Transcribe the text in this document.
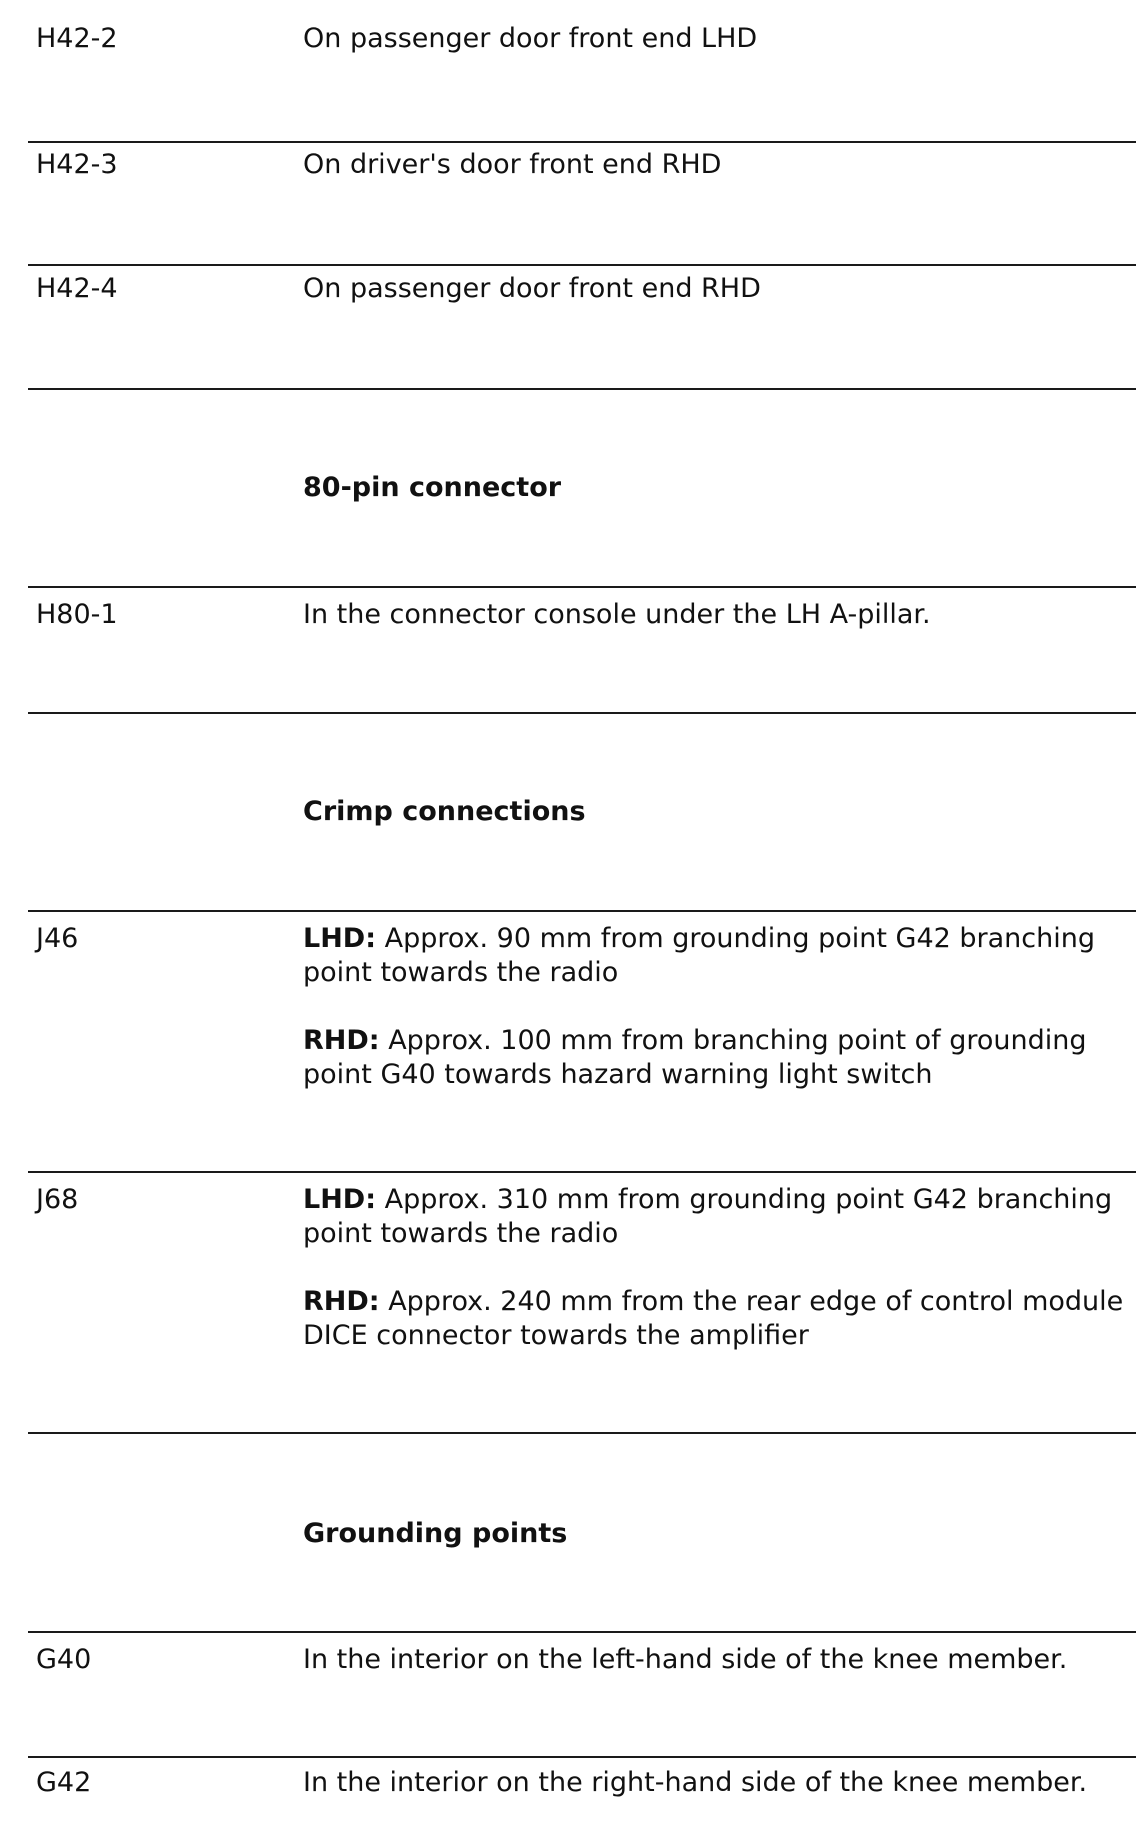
H42-2	On passenger door front end LHD
H42-3	On driver's door front end RHD
H42-4	On passenger door front end RHD
80-pin connector
H80-1	In the connector console under the LH A-pillar.
Crimp connections
J46	LHD: Approx. 90 mm from grounding point G42 branching point towards the radio

RHD: Approx. 100 mm from branching point of grounding point G40 towards hazard warning light switch

J68	LHD: Approx. 310 mm from grounding point G42 branching point towards the radio

RHD: Approx. 240 mm from the rear edge of control module DICE connector towards the amplifier

Grounding points
G40	In the interior on the left-hand side of the knee member.
G42	In the interior on the right-hand side of the knee member.
